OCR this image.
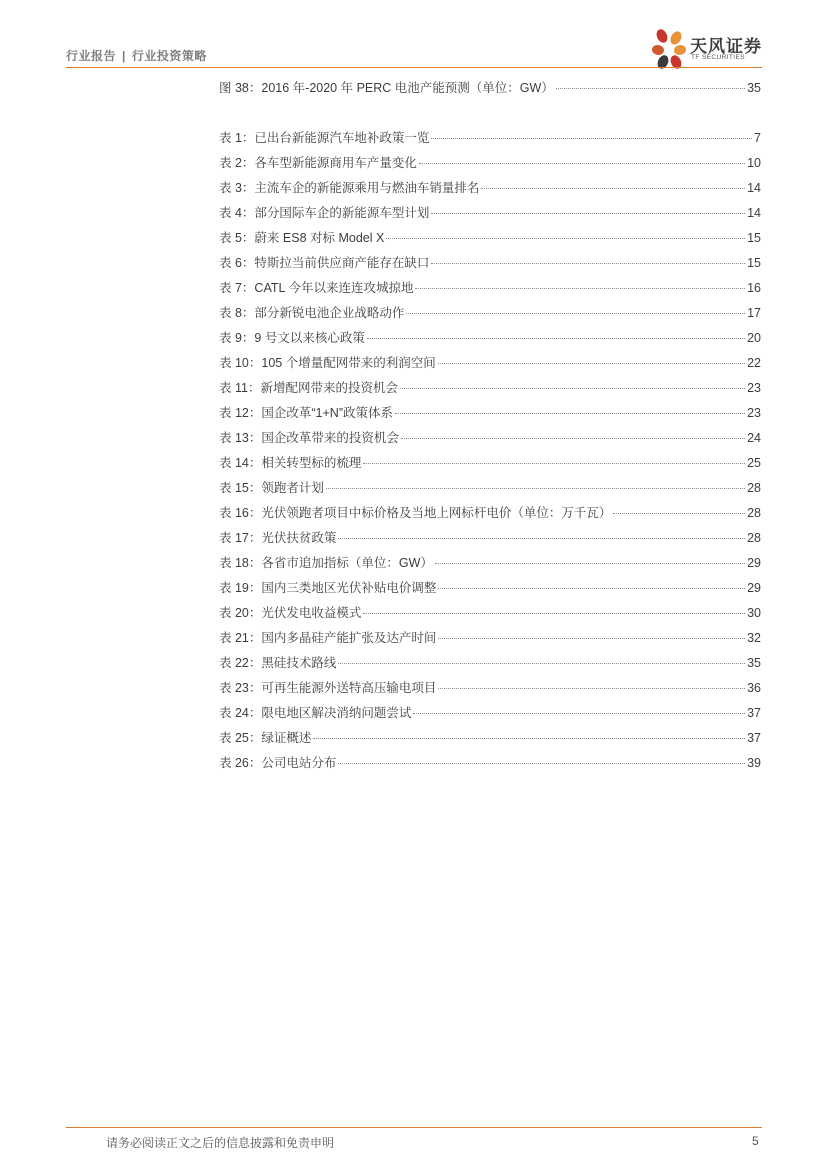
行业报告 | 行业投资策略	天风证券
TF SECURITIES
图 38：2016 年-2020 年 PERC 电池产能预测（单位：GW）	35
表 1：已出台新能源汽车地补政策一览	7
表 2：各车型新能源商用车产量变化	10
表 3：主流车企的新能源乘用与燃油车销量排名	14
表 4：部分国际车企的新能源车型计划	14
表 5：蔚来 ES8 对标 Model X	15
表 6：特斯拉当前供应商产能存在缺口	15
表 7：CATL 今年以来连连攻城掠地	16
表 8：部分新锐电池企业战略动作	17
表 9：9 号文以来核心政策	20
表 10：105 个增量配网带来的利润空间	22
表 11：新增配网带来的投资机会	23
表 12：国企改革“1+N”政策体系	23
表 13：国企改革带来的投资机会	24
表 14：相关转型标的梳理	25
表 15：领跑者计划	28
表 16：光伏领跑者项目中标价格及当地上网标杆电价（单位：万千瓦）	28
表 17：光伏扶贫政策	28
表 18：各省市追加指标（单位：GW）	29
表 19：国内三类地区光伏补贴电价调整	29
表 20：光伏发电收益模式	30
表 21：国内多晶硅产能扩张及达产时间	32
表 22：黑硅技术路线	35
表 23：可再生能源外送特高压输电项目	36
表 24：限电地区解决消纳问题尝试	37
表 25：绿证概述	37
表 26：公司电站分布	39
请务必阅读正文之后的信息披露和免责申明	5
